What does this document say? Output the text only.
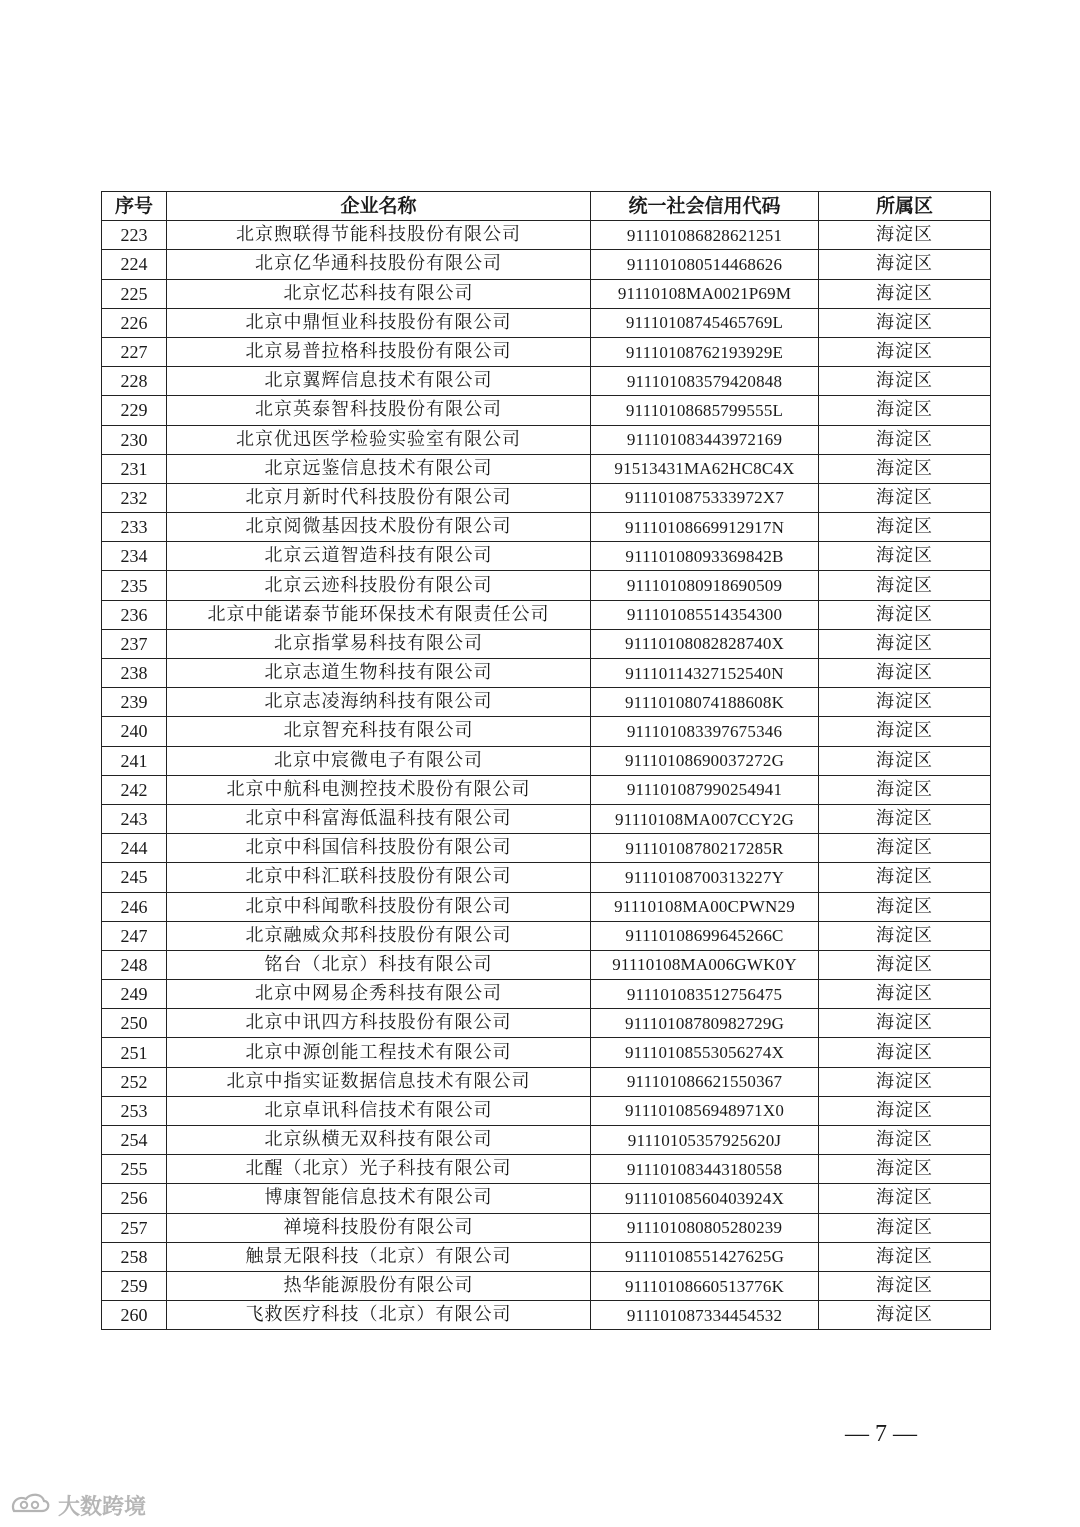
序号	企业名称	统一社会信用代码	所属区
223	北京煦联得节能科技股份有限公司	911101086828621251	海淀区
224	北京亿华通科技股份有限公司	911101080514468626	海淀区
225	北京忆芯科技有限公司	91110108MA0021P69M	海淀区
226	北京中鼎恒业科技股份有限公司	91110108745465769L	海淀区
227	北京易普拉格科技股份有限公司	91110108762193929E	海淀区
228	北京翼辉信息技术有限公司	911101083579420848	海淀区
229	北京英泰智科技股份有限公司	91110108685799555L	海淀区
230	北京优迅医学检验实验室有限公司	911101083443972169	海淀区
231	北京远鉴信息技术有限公司	91513431MA62HC8C4X	海淀区
232	北京月新时代科技股份有限公司	9111010875333972X7	海淀区
233	北京阅微基因技术股份有限公司	91110108669912917N	海淀区
234	北京云道智造科技有限公司	91110108093369842B	海淀区
235	北京云迹科技股份有限公司	911101080918690509	海淀区
236	北京中能诺泰节能环保技术有限责任公司	911101085514354300	海淀区
237	北京指掌易科技有限公司	91110108082828740X	海淀区
238	北京志道生物科技有限公司	91110114327152540N	海淀区
239	北京志凌海纳科技有限公司	91110108074188608K	海淀区
240	北京智充科技有限公司	911101083397675346	海淀区
241	北京中宸微电子有限公司	91110108690037272G	海淀区
242	北京中航科电测控技术股份有限公司	911101087990254941	海淀区
243	北京中科富海低温科技有限公司	91110108MA007CCY2G	海淀区
244	北京中科国信科技股份有限公司	91110108780217285R	海淀区
245	北京中科汇联科技股份有限公司	91110108700313227Y	海淀区
246	北京中科闻歌科技股份有限公司	91110108MA00CPWN29	海淀区
247	北京融威众邦科技股份有限公司	91110108699645266C	海淀区
248	铭台（北京）科技有限公司	91110108MA006GWK0Y	海淀区
249	北京中网易企秀科技有限公司	911101083512756475	海淀区
250	北京中讯四方科技股份有限公司	91110108780982729G	海淀区
251	北京中源创能工程技术有限公司	91110108553056274X	海淀区
252	北京中指实证数据信息技术有限公司	911101086621550367	海淀区
253	北京卓讯科信技术有限公司	9111010856948971X0	海淀区
254	北京纵横无双科技有限公司	91110105357925620J	海淀区
255	北醒（北京）光子科技有限公司	911101083443180558	海淀区
256	博康智能信息技术有限公司	91110108560403924X	海淀区
257	禅境科技股份有限公司	911101080805280239	海淀区
258	触景无限科技（北京）有限公司	91110108551427625G	海淀区
259	热华能源股份有限公司	91110108660513776K	海淀区
260	飞救医疗科技（北京）有限公司	911101087334454532	海淀区
— 7 —
大数跨境
